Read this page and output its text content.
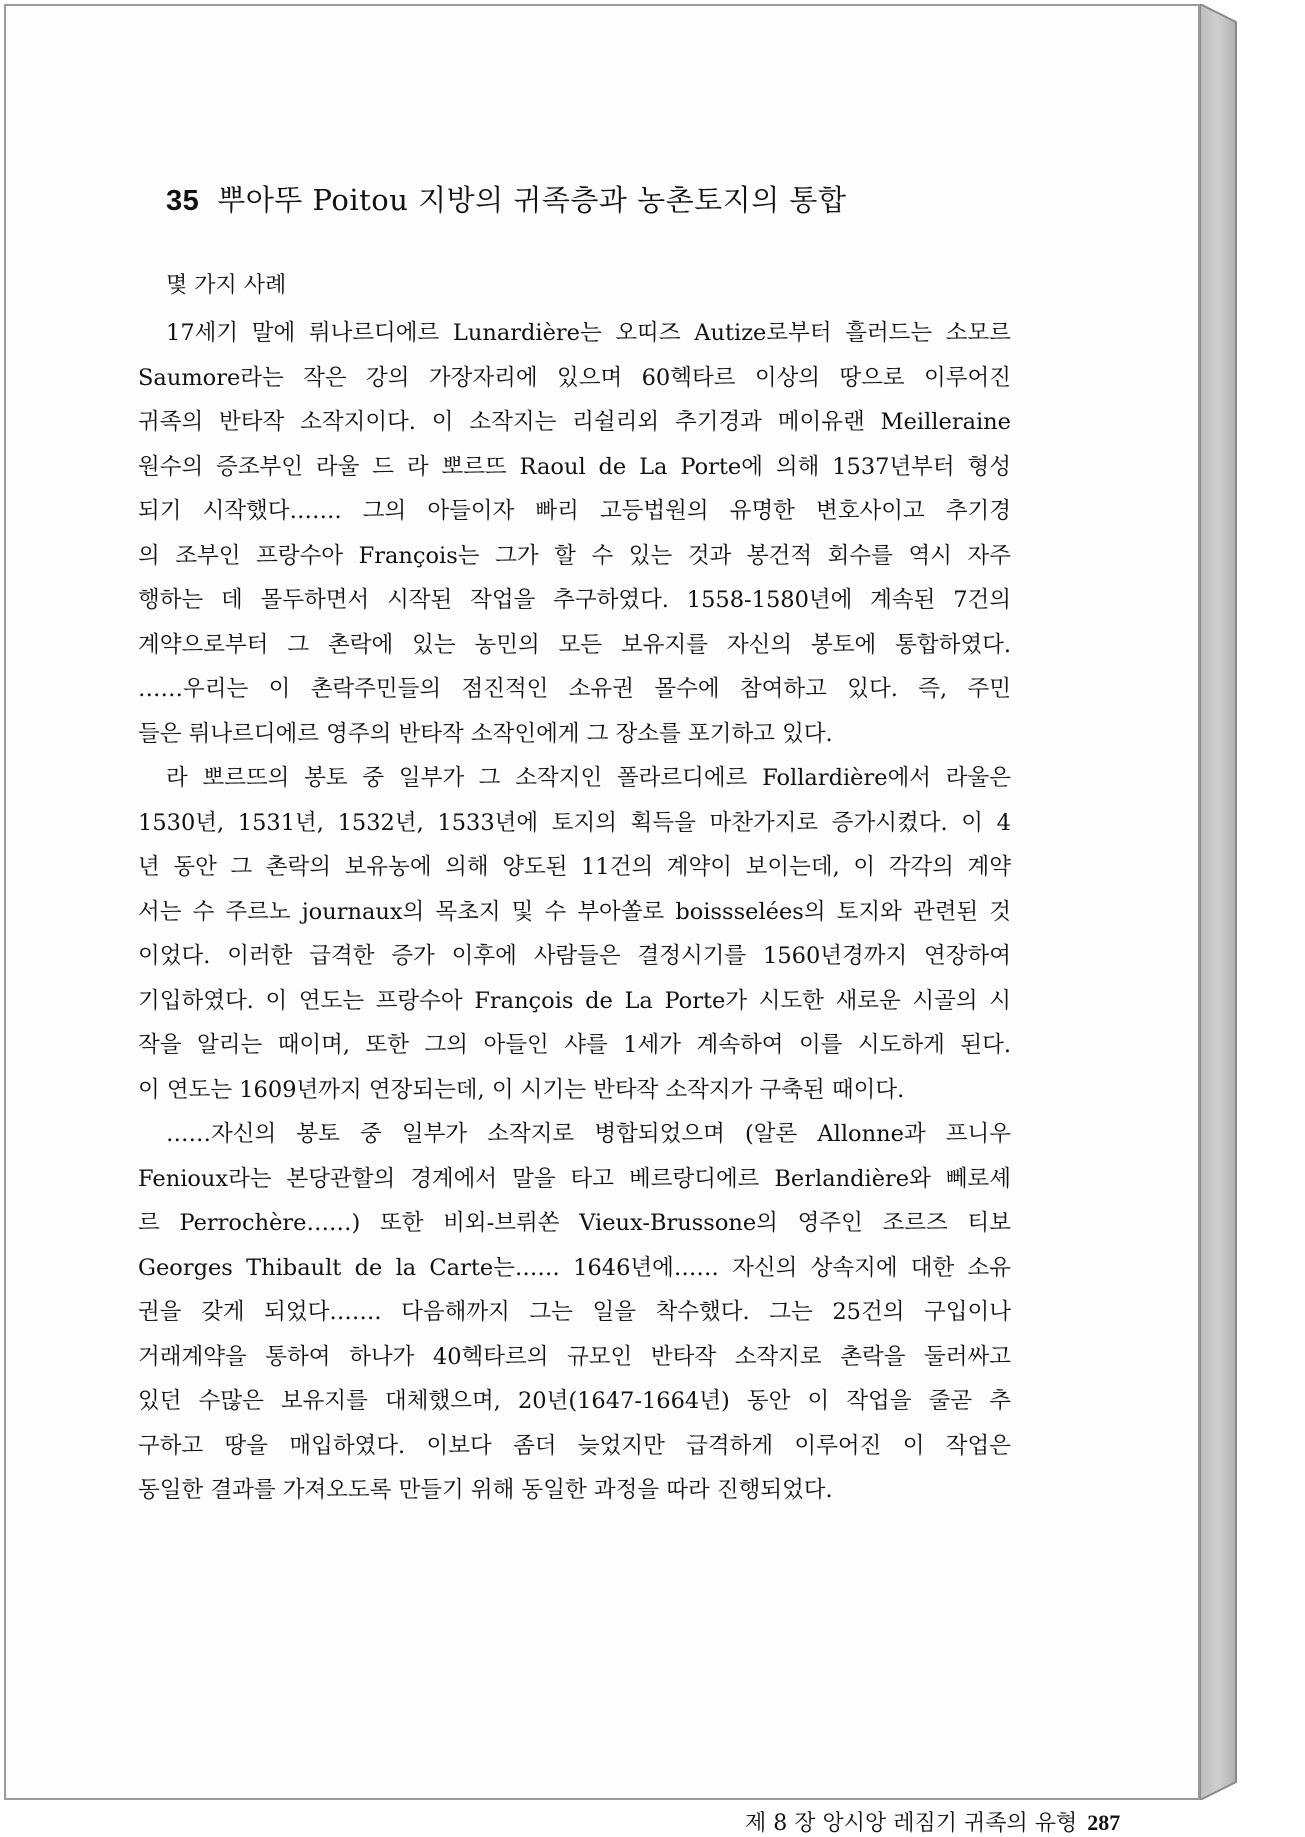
35 뿌아뚜 Poitou 지방의 귀족층과 농촌토지의 통합
몇 가지 사례
17세기 말에 뤼나르디에르 Lunardière는 오띠즈 Autize로부터 흘러드는 소모르
Saumore라는 작은 강의 가장자리에 있으며 60헥타르 이상의 땅으로 이루어진
귀족의 반타작 소작지이다. 이 소작지는 리쉴리외 추기경과 메이유랜 Meilleraine
원수의 증조부인 라울 드 라 뽀르뜨 Raoul de La Porte에 의해 1537년부터 형성
되기 시작했다……. 그의 아들이자 빠리 고등법원의 유명한 변호사이고 추기경
의 조부인 프랑수아 François는 그가 할 수 있는 것과 봉건적 회수를 역시 자주
행하는 데 몰두하면서 시작된 작업을 추구하였다. 1558-1580년에 계속된 7건의
계약으로부터 그 촌락에 있는 농민의 모든 보유지를 자신의 봉토에 통합하였다.
……우리는 이 촌락주민들의 점진적인 소유권 몰수에 참여하고 있다. 즉, 주민
들은 뤼나르디에르 영주의 반타작 소작인에게 그 장소를 포기하고 있다.
라 뽀르뜨의 봉토 중 일부가 그 소작지인 폴라르디에르 Follardière에서 라울은
1530년, 1531년, 1532년, 1533년에 토지의 획득을 마찬가지로 증가시켰다. 이 4
년 동안 그 촌락의 보유농에 의해 양도된 11건의 계약이 보이는데, 이 각각의 계약
서는 수 주르노 journaux의 목초지 및 수 부아쏠로 boissselées의 토지와 관련된 것
이었다. 이러한 급격한 증가 이후에 사람들은 결정시기를 1560년경까지 연장하여
기입하였다. 이 연도는 프랑수아 François de La Porte가 시도한 새로운 시골의 시
작을 알리는 때이며, 또한 그의 아들인 샤를 1세가 계속하여 이를 시도하게 된다.
이 연도는 1609년까지 연장되는데, 이 시기는 반타작 소작지가 구축된 때이다.
……자신의 봉토 중 일부가 소작지로 병합되었으며 (알론 Allonne과 프니우
Fenioux라는 본당관할의 경계에서 말을 타고 베르랑디에르 Berlandière와 뻬로셰
르 Perrochère……) 또한 비외-브뤼쏜 Vieux-Brussone의 영주인 조르즈 티보
Georges Thibault de la Carte는…… 1646년에…… 자신의 상속지에 대한 소유
권을 갖게 되었다……. 다음해까지 그는 일을 착수했다. 그는 25건의 구입이나
거래계약을 통하여 하나가 40헥타르의 규모인 반타작 소작지로 촌락을 둘러싸고
있던 수많은 보유지를 대체했으며, 20년(1647-1664년) 동안 이 작업을 줄곧 추
구하고 땅을 매입하였다. 이보다 좀더 늦었지만 급격하게 이루어진 이 작업은
동일한 결과를 가져오도록 만들기 위해 동일한 과정을 따라 진행되었다.
제 8 장 앙시앙 레짐기 귀족의 유형 287
